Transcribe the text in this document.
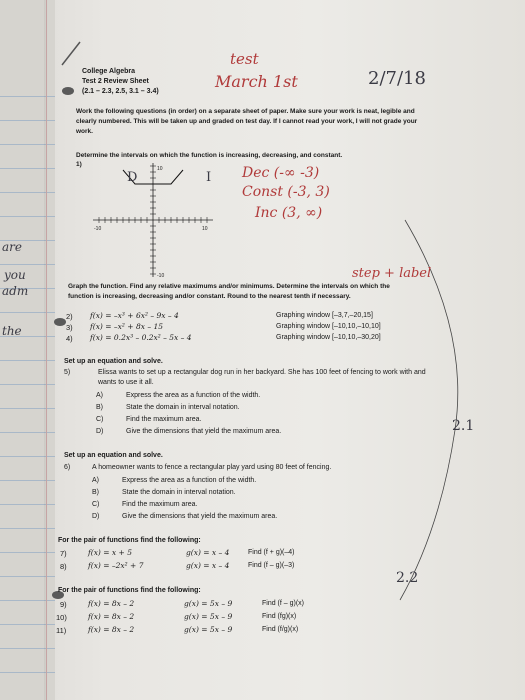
are
you
adm
the
College Algebra
Test 2 Review Sheet
(2.1 – 2.3, 2.5, 3.1 – 3.4)
test
March 1st	2/7/18
Work the following questions (in order) on a separate sheet of paper. Make sure your work is neat, legible and
clearly numbered. This will be taken up and graded on test day. If I cannot read your work, I will not grade your
work.
Determine the intervals on which the function is increasing, decreasing, and constant.
1)
10
-10
-10	10
D	I Dec (-∞ -3)
Const (-3, 3)
Inc (3, ∞)
step + label
Graph the function. Find any relative maximums and/or minimums. Determine the intervals on which the
function is increasing, decreasing and/or constant. Round to the nearest tenth if necessary.
2) f(x) = –x³ + 6x² – 9x – 4	Graphing window [–3,7,–20,15]
3) f(x) = –x² + 8x – 15	Graphing window [–10,10,–10,10]
4) f(x) = 0.2x³ – 0.2x² – 5x – 4	Graphing window [–10,10,–30,20]
Set up an equation and solve.
5)	Elissa wants to set up a rectangular dog run in her backyard. She has 100 feet of fencing to work with and
wants to use it all.
A)	Express the area as a function of the width.
B)	State the domain in interval notation.
C)	Find the maximum area.
D)	Give the dimensions that yield the maximum area.	2.1
Set up an equation and solve.
6)	A homeowner wants to fence a rectangular play yard using 80 feet of fencing.
A)	Express the area as a function of the width.
B)	State the domain in interval notation.
C)	Find the maximum area.
D)	Give the dimensions that yield the maximum area.
For the pair of functions find the following:
7)	f(x) = x + 5	g(x) = x – 4	Find (f + g)(–4)
8)	f(x) = –2x² + 7	g(x) = x – 4	Find (f – g)(–3)
2.2
For the pair of functions find the following:
9)	f(x) = 8x – 2	g(x) = 5x – 9	Find (f – g)(x)
10)	f(x) = 8x – 2	g(x) = 5x – 9	Find (fg)(x)
11)	f(x) = 8x – 2	g(x) = 5x – 9	Find (f/g)(x)
